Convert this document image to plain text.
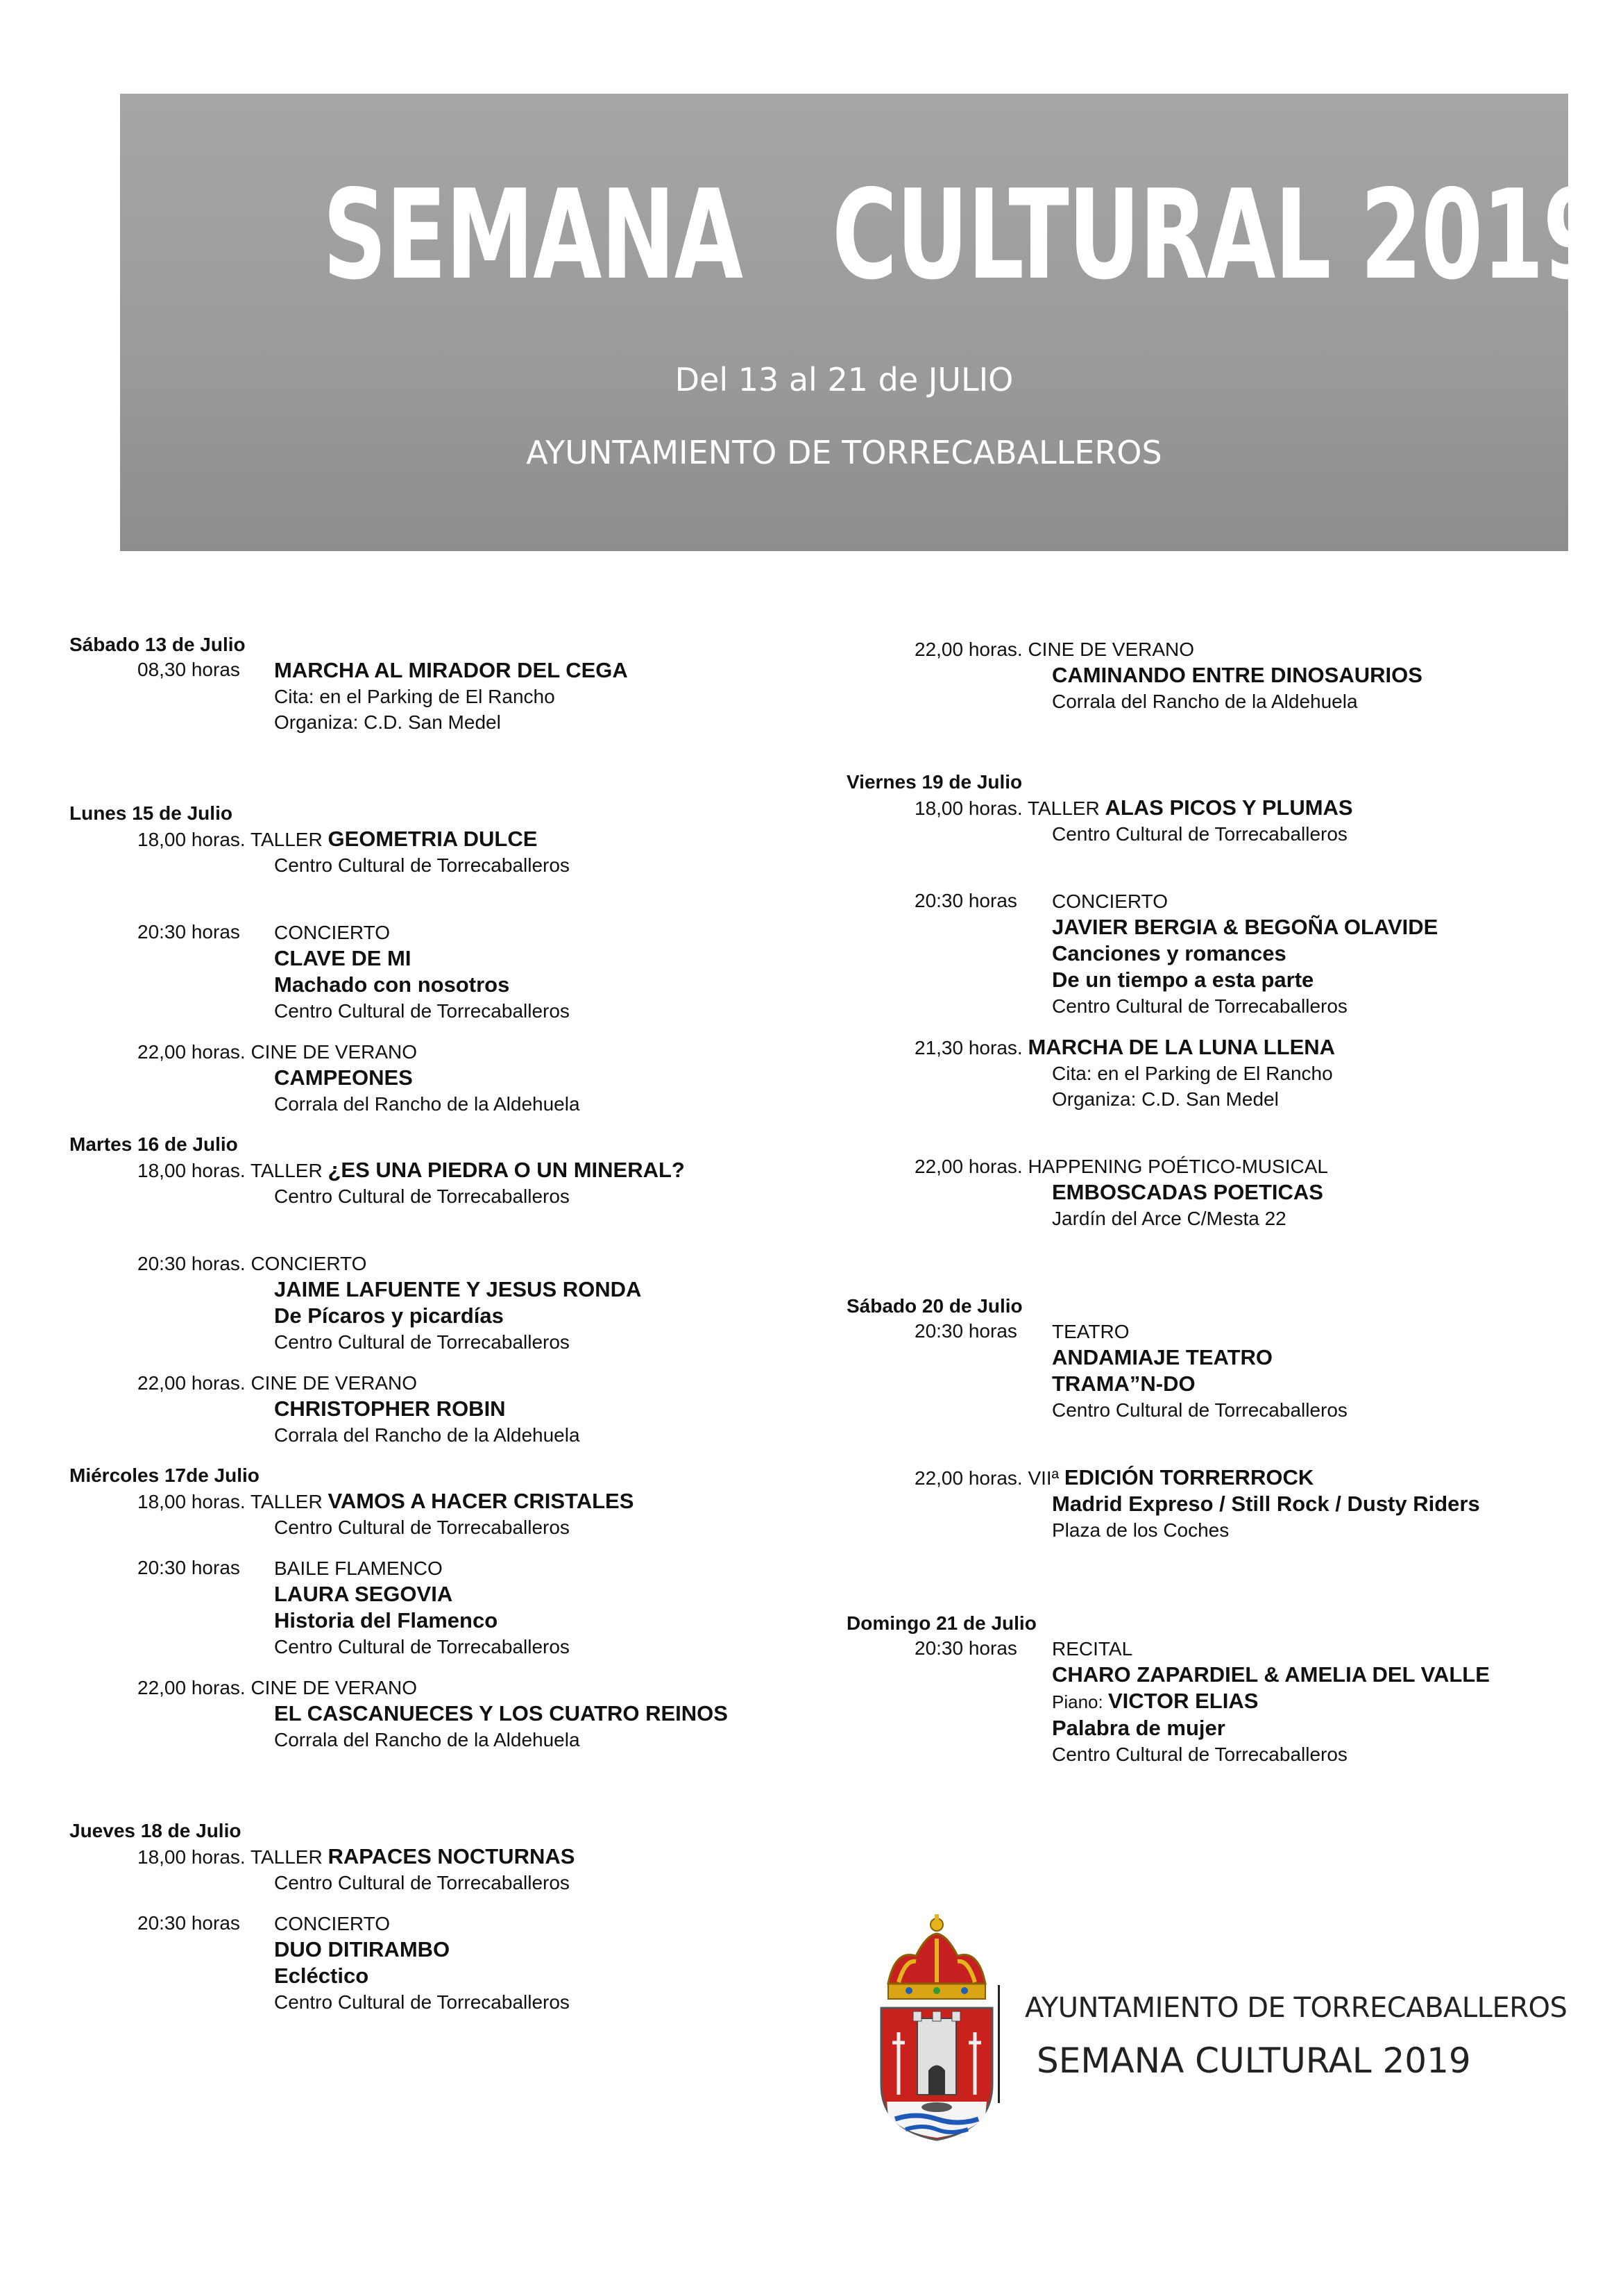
SEMANA   CULTURAL 2019
Del 13 al 21 de JULIO
AYUNTAMIENTO DE TORRECABALLEROS
Sábado 13 de Julio
08,30 horas	MARCHA AL MIRADOR DEL CEGA
Cita: en el Parking de El Rancho
Organiza: C.D. San Medel
Lunes 15 de Julio
18,00 horas. TALLER GEOMETRIA DULCE
Centro Cultural de Torrecaballeros
20:30 horas	CONCIERTO
CLAVE DE MI
Machado con nosotros
Centro Cultural de Torrecaballeros
22,00 horas. CINE DE VERANO
CAMPEONES
Corrala del Rancho de la Aldehuela
Martes 16 de Julio
18,00 horas. TALLER ¿ES UNA PIEDRA O UN MINERAL?
Centro Cultural de Torrecaballeros
20:30 horas. CONCIERTO
JAIME LAFUENTE Y JESUS RONDA
De Pícaros y picardías
Centro Cultural de Torrecaballeros
22,00 horas. CINE DE VERANO
CHRISTOPHER ROBIN
Corrala del Rancho de la Aldehuela
Miércoles 17de Julio
18,00 horas. TALLER VAMOS A HACER CRISTALES
Centro Cultural de Torrecaballeros
20:30 horas	BAILE FLAMENCO
LAURA SEGOVIA
Historia del Flamenco
Centro Cultural de Torrecaballeros
22,00 horas. CINE DE VERANO
EL CASCANUECES Y LOS CUATRO REINOS
Corrala del Rancho de la Aldehuela
Jueves 18 de Julio
18,00 horas. TALLER RAPACES NOCTURNAS
Centro Cultural de Torrecaballeros
20:30 horas	CONCIERTO
DUO DITIRAMBO
Ecléctico
Centro Cultural de Torrecaballeros
22,00 horas. CINE DE VERANO
CAMINANDO ENTRE DINOSAURIOS
Corrala del Rancho de la Aldehuela
Viernes 19 de Julio
18,00 horas. TALLER ALAS PICOS Y PLUMAS
Centro Cultural de Torrecaballeros
20:30 horas	CONCIERTO
JAVIER BERGIA & BEGOÑA OLAVIDE
Canciones y romances
De un tiempo a esta parte
Centro Cultural de Torrecaballeros
21,30 horas. MARCHA DE LA LUNA LLENA
Cita: en el Parking de El Rancho
Organiza: C.D. San Medel
22,00 horas. HAPPENING POÉTICO-MUSICAL
EMBOSCADAS POETICAS
Jardín del Arce C/Mesta 22
Sábado 20 de Julio
20:30 horas	TEATRO
ANDAMIAJE TEATRO
TRAMA”N-DO
Centro Cultural de Torrecaballeros
22,00 horas. VIIª EDICIÓN TORRERROCK
Madrid Expreso / Still Rock / Dusty Riders
Plaza de los Coches
Domingo 21 de Julio
20:30 horas	RECITAL
CHARO ZAPARDIEL & AMELIA DEL VALLE
Piano: VICTOR ELIAS
Palabra de mujer
Centro Cultural de Torrecaballeros
AYUNTAMIENTO DE TORRECABALLEROS
SEMANA CULTURAL 2019
